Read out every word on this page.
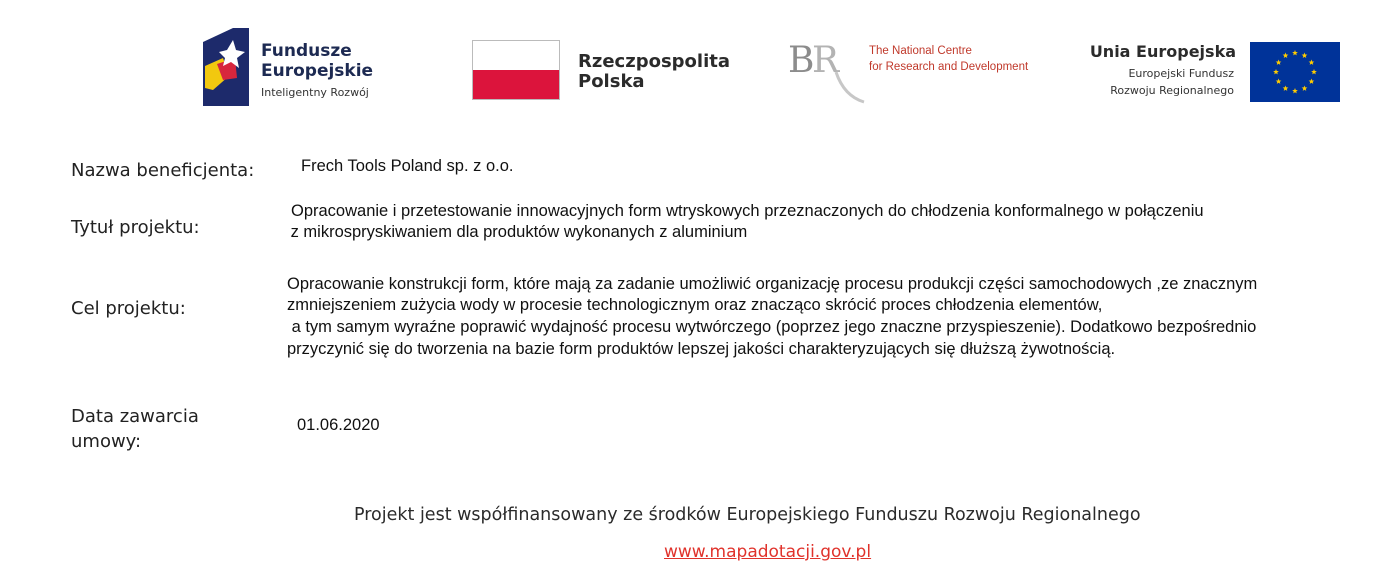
Fundusze
Europejskie
Inteligentny Rozwój
Rzeczpospolita
Polska
B
R	The National Centre
for Research and Development
Unia Europejska
Europejski Fundusz
Rozwoju Regionalnego
Nazwa beneficjenta:	Frech Tools Poland sp. z o.o.
Tytuł projektu:
Opracowanie i przetestowanie innowacyjnych form wtryskowych przeznaczonych do chłodzenia konformalnego w połączeniu
z mikrospryskiwaniem dla produktów wykonanych z aluminium
Cel projektu:
Opracowanie konstrukcji form, które mają za zadanie umożliwić organizację procesu produkcji części samochodowych ,ze znacznym
zmniejszeniem zużycia wody w procesie technologicznym oraz znacząco skrócić proces chłodzenia elementów,
a tym samym wyraźne poprawić wydajność procesu wytwórczego (poprzez jego znaczne przyspieszenie). Dodatkowo bezpośrednio
przyczynić się do tworzenia na bazie form produktów lepszej jakości charakteryzujących się dłuższą żywotnością.
Data zawarcia
umowy:
01.06.2020
Projekt jest współfinansowany ze środków Europejskiego Funduszu Rozwoju Regionalnego
www.mapadotacji.gov.pl
